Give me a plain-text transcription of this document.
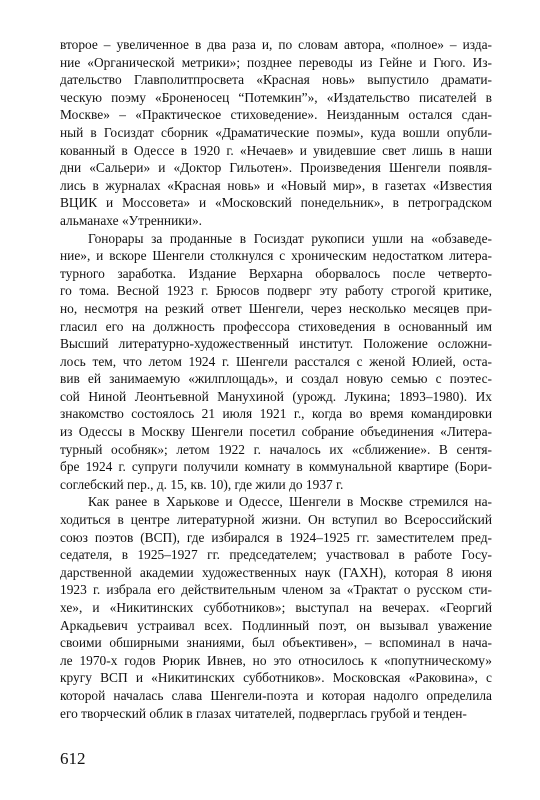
второе – увеличенное в два раза и, по словам автора, «полное» – изда-
ние «Органической метрики»; позднее переводы из Гейне и Гюго. Из-
дательство Главполитпросвета «Красная новь» выпустило драмати-
ческую поэму «Броненосец “Потемкин”», «Издательство писателей в
Москве» – «Практическое стиховедение». Неизданным остался сдан-
ный в Госиздат сборник «Драматические поэмы», куда вошли опубли-
кованный в Одессе в 1920 г. «Нечаев» и увидевшие свет лишь в наши
дни «Сальери» и «Доктор Гильотен». Произведения Шенгели появля-
лись в журналах «Красная новь» и «Новый мир», в газетах «Известия
ВЦИК и Моссовета» и «Московский понедельник», в петроградском
альманахе «Утренники».
Гонорары за проданные в Госиздат рукописи ушли на «обзаведе-
ние», и вскоре Шенгели столкнулся с хроническим недостатком литера-
турного заработка. Издание Верхарна оборвалось после четверто-
го тома. Весной 1923 г. Брюсов подверг эту работу строгой критике,
но, несмотря на резкий ответ Шенгели, через несколько месяцев при-
гласил его на должность профессора стиховедения в основанный им
Высший литературно-художественный институт. Положение осложни-
лось тем, что летом 1924 г. Шенгели расстался с женой Юлией, оста-
вив ей занимаемую «жилплощадь», и создал новую семью с поэтес-
сой Ниной Леонтьевной Манухиной (урожд. Лукина; 1893–1980). Их
знакомство состоялось 21 июля 1921 г., когда во время командировки
из Одессы в Москву Шенгели посетил собрание объединения «Литера-
турный особняк»; летом 1922 г. началось их «сближение». В сентя-
бре 1924 г. супруги получили комнату в коммунальной квартире (Бори-
соглебский пер., д. 15, кв. 10), где жили до 1937 г.
Как ранее в Харькове и Одессе, Шенгели в Москве стремился на-
ходиться в центре литературной жизни. Он вступил во Всероссийский
союз поэтов (ВСП), где избирался в 1924–1925 гг. заместителем пред-
седателя, в 1925–1927 гг. председателем; участвовал в работе Госу-
дарственной академии художественных наук (ГАХН), которая 8 июня
1923 г. избрала его действительным членом за «Трактат о русском сти-
хе», и «Никитинских субботников»; выступал на вечерах. «Георгий
Аркадьевич устраивал всех. Подлинный поэт, он вызывал уважение
своими обширными знаниями, был объективен», – вспоминал в нача-
ле 1970-х годов Рюрик Ивнев, но это относилось к «попутническому»
кругу ВСП и «Никитинских субботников». Московская «Раковина», с
которой началась слава Шенгели-поэта и которая надолго определила
его творческий облик в глазах читателей, подверглась грубой и тенден-
612
